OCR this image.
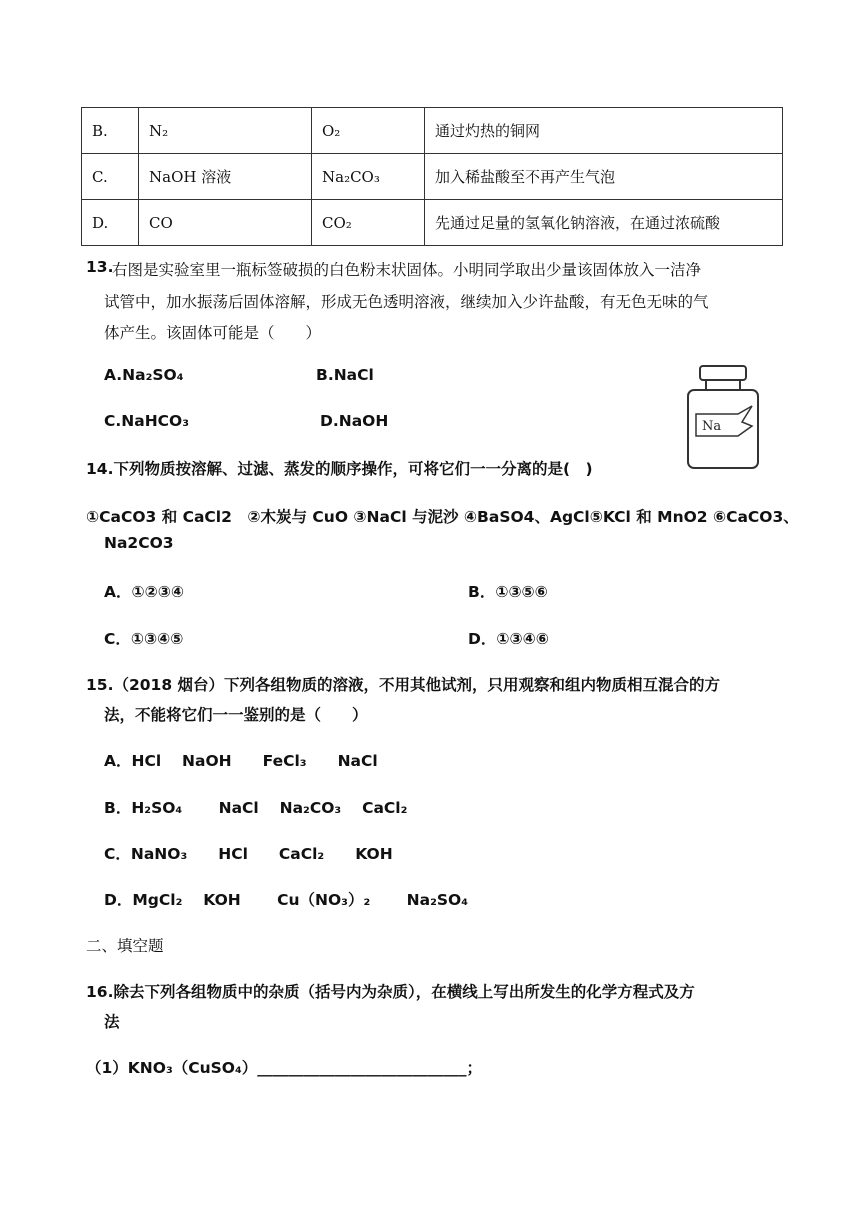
B.	N₂	O₂	通过灼热的铜网
C.	NaOH 溶液	Na₂CO₃	加入稀盐酸至不再产生气泡
D.	CO	CO₂	先通过足量的氢氧化钠溶液，在通过浓硫酸
13.
右图是实验室里一瓶标签破损的白色粉末状固体。小明同学取出少量该固体放入一洁净
试管中，加水振荡后固体溶解，形成无色透明溶液，继续加入少许盐酸，有无色无味的气
体产生。该固体可能是（　　）
A.Na₂SO₄	B.NaCl
C.NaHCO₃	D.NaOH	Na
14.下列物质按溶解、过滤、蒸发的顺序操作，可将它们一一分离的是(　)
①CaCO3 和 CaCl2　②木炭与 CuO ③NaCl 与泥沙 ④BaSO4、AgCl⑤KCl 和 MnO2 ⑥CaCO3、
Na2CO3
A．①②③④	B．①③⑤⑥
C．①③④⑤	D．①③④⑥
15.（2018 烟台）下列各组物质的溶液，不用其他试剂，只用观察和组内物质相互混合的方
法，不能将它们一一鉴别的是（　　）
A．HCl　 NaOH　　FeCl₃　　NaCl
B．H₂SO₄　　 NaCl　 Na₂CO₃　 CaCl₂
C．NaNO₃　　HCl　　CaCl₂　　KOH
D．MgCl₂　 KOH　　 Cu（NO₃）₂　　 Na₂SO₄
二、填空题
16.除去下列各组物质中的杂质（括号内为杂质），在横线上写出所发生的化学方程式及方
法
（1）KNO₃（CuSO₄）___________________________；
